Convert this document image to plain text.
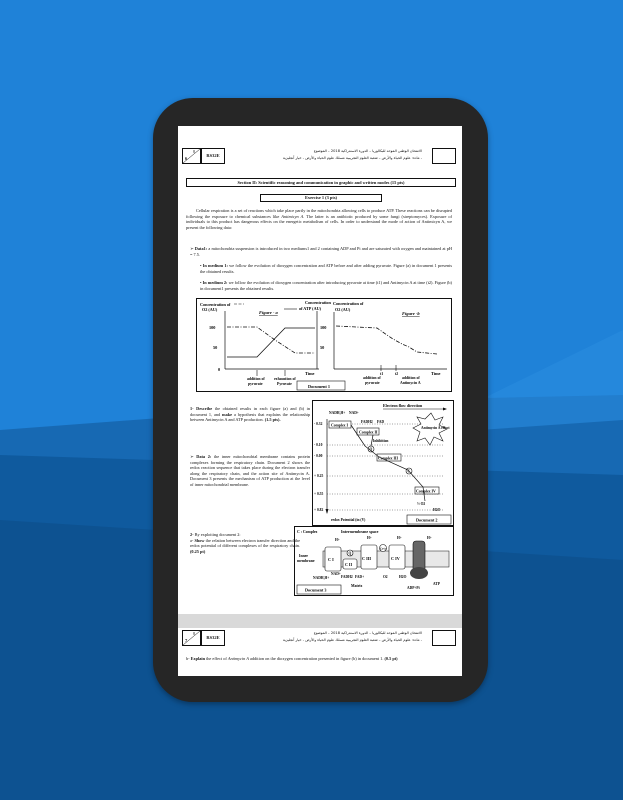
6
8
RS32E
الامتحان الوطني الموحد للبكالوريا – الدورة الاستدراكية 2018 – الموضوع
- مادة: علوم الحياة والأرض – شعبة العلوم التجريبية مسلك علوم الحياة والأرض - خيار أنجليزية
Section II: Scientific reasoning and communication in graphic and written modes (15 pts)
Exercise 1 (3 pts)
Cellular respiration is a set of reactions which take place partly in the mitochondria allowing cells to produce ATP. These reactions can be disrupted following the exposure to chemical substances like Antimicyn A. The latter is an antibiotic produced by some fungi (streptomyces). Exposure of individuals to this product has dangerous effects on the energetic metabolism of cells. In order to understand the mode of action of Antimicyn A, we present the following data:
➢ Data1: a mitochondria suspension is introduced in two mediums1 and 2 containing ADP and Pi and are saturated with oxygen and maintained at pH = 7.5.
• In medium 1: we follow the evolution of dioxygen concentration and ATP before and after adding pyruvate. Figure (a) in document 1 presents the obtained results.
• In medium 2: we follow the evolution of dioxygen concentration after introducing pyruvate at time (t1) and Antimycin A at time (t2). Figure (b) in document1 presents the obtained results.
Concentration of
O2 (AU)
Concentration
of ATP (AU)
Figure - a
100
50
0
100
50
Time
addition of
pyruvate
exhaustion of
Pyruvate
Concentration of
O2 (AU)
Figure -b
Time
t1	t2
addition of
pyruvate
addition of
Antimycin A
Document 1
1- Describe the obtained results in each figure (a) and (b) in document 1, and make a hypothesis that explains the relationship between Antimycin A and ATP production. (1.5 pts).
➢ Data 2: the inner mitochondrial membrane contains protein complexes forming the respiratory chain. Document 2 shows the redox reaction sequence that takes place during the electron transfer along the respiratory chain, and the action site of Antimycin A. Document 3 presents the mechanism of ATP production at the level of inner mitochondrial membrane.
Electron flow direction
- 0.32
- 0.10
- 0.00
+ 0.25
+ 0.55
+ 0.82
NADH,H+ NAD+
Complex I
FADH2 FAD
Complex II
Q
Inhibition
Complex III
C
Complex IV
½ O2
H2O
Antimycin A effect
redox Potential (in (V)	Document 2
2- By exploiting document 2:
a- Show the relation between electron transfer direction and the redox potential of different complexes of the respiratory chain. (0.25 pt)
C : Complex	Intermembrane space
Inner
membrane	C I
C II
Q
C III
Cyt c
C IV
H+	H+	H+	H+
NADH,H+
NAD+
FADH2 FAD+
Matrix
O2	H2O
ADP+Pi
ATP
Document 3
7
8
RS32E
الامتحان الوطني الموحد للبكالوريا – الدورة الاستدراكية 2018 – الموضوع
- مادة: علوم الحياة والأرض – شعبة العلوم التجريبية مسلك علوم الحياة والأرض - خيار أنجليزية
b- Explain the effect of Antimycin A addition on the dioxygen concentration presented in figure (b) in document 1. (0.5 pt)
